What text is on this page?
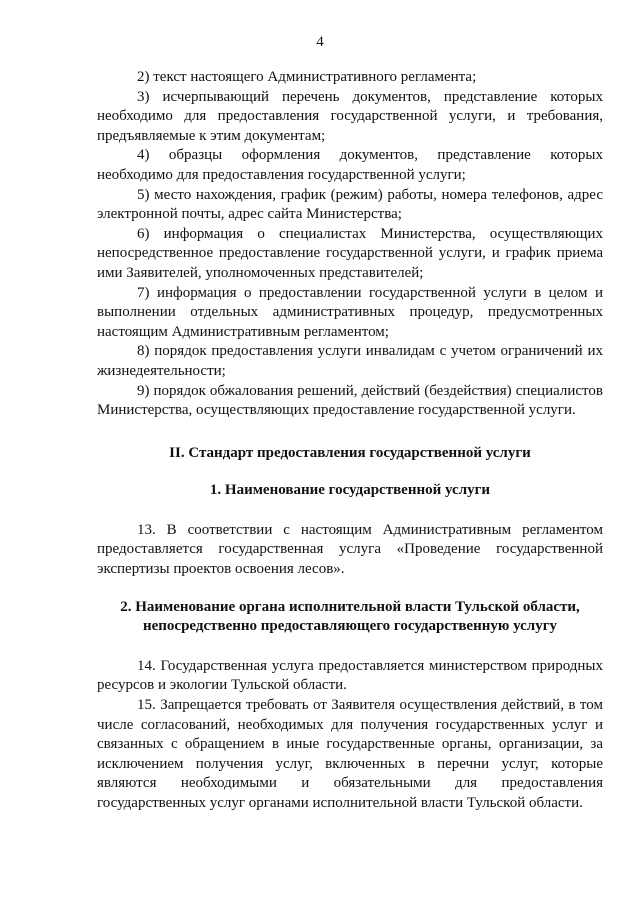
4

2) текст настоящего Административного регламента;

3) исчерпывающий перечень документов, представление которых необходимо для предоставления государственной услуги, и требования, предъявляемые к этим документам;

4) образцы оформления документов, представление которых необходимо для предоставления государственной услуги;

5) место нахождения, график (режим) работы, номера телефонов, адрес электронной почты, адрес сайта Министерства;

6) информация о специалистах Министерства, осуществляющих непосредственное предоставление государственной услуги, и график приема ими Заявителей, уполномоченных представителей;

7) информация о предоставлении государственной услуги в целом и выполнении отдельных административных процедур, предусмотренных настоящим Административным регламентом;

8) порядок предоставления услуги инвалидам с учетом ограничений их жизнедеятельности;

9) порядок обжалования решений, действий (бездействия) специалистов Министерства, осуществляющих предоставление государственной услуги.

II. Стандарт предоставления государственной услуги
1. Наименование государственной услуги

13. В соответствии с настоящим Административным регламентом предоставляется государственная услуга «Проведение государственной экспертизы проектов освоения лесов».

2. Наименование органа исполнительной власти Тульской области,
непосредственно предоставляющего государственную услугу

14. Государственная услуга предоставляется министерством природных ресурсов и экологии Тульской области.

15. Запрещается требовать от Заявителя осуществления действий, в том числе согласований, необходимых для получения государственных услуг и связанных с обращением в иные государственные органы, организации, за исключением получения услуг, включенных в перечни услуг, которые являются необходимыми и обязательными для предоставления государственных услуг органами исполнительной власти Тульской области.
